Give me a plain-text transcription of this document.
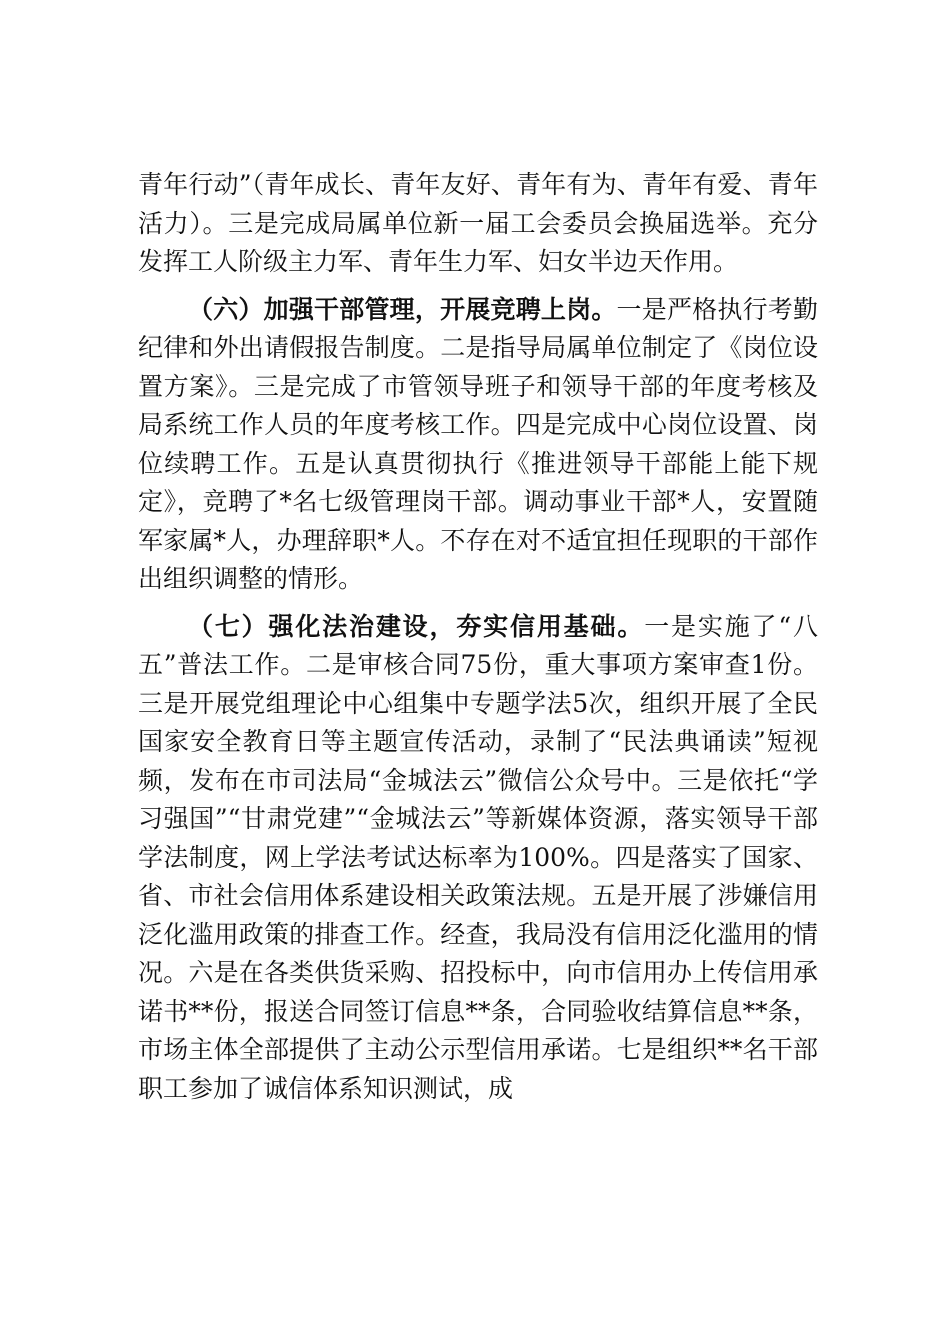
青年行动”（青年成长、青年友好、青年有为、青年有爱、青年活力）。三是完成局属单位新一届工会委员会换届选举。充分发挥工人阶级主力军、青年生力军、妇女半边天作用。

（六）加强干部管理，开展竞聘上岗。一是严格执行考勤纪律和外出请假报告制度。二是指导局属单位制定了《岗位设置方案》。三是完成了市管领导班子和领导干部的年度考核及局系统工作人员的年度考核工作。四是完成中心岗位设置、岗位续聘工作。五是认真贯彻执行《推进领导干部能上能下规定》，竞聘了*名七级管理岗干部。调动事业干部*人，安置随军家属*人，办理辞职*人。不存在对不适宜担任现职的干部作出组织调整的情形。

（七）强化法治建设，夯实信用基础。一是实施了“八五”普法工作。二是审核合同75份，重大事项方案审查1份。三是开展党组理论中心组集中专题学法5次，组织开展了全民国家安全教育日等主题宣传活动，录制了“民法典诵读”短视频，发布在市司法局“金城法云”微信公众号中。三是依托“学习强国”“甘肃党建”“金城法云”等新媒体资源，落实领导干部学法制度，网上学法考试达标率为100%。四是落实了国家、省、市社会信用体系建设相关政策法规。五是开展了涉嫌信用泛化滥用政策的排查工作。经查，我局没有信用泛化滥用的情况。六是在各类供货采购、招投标中，向市信用办上传信用承诺书**份，报送合同签订信息**条，合同验收结算信息**条，市场主体全部提供了主动公示型信用承诺。七是组织**名干部职工参加了诚信体系知识测试，成
